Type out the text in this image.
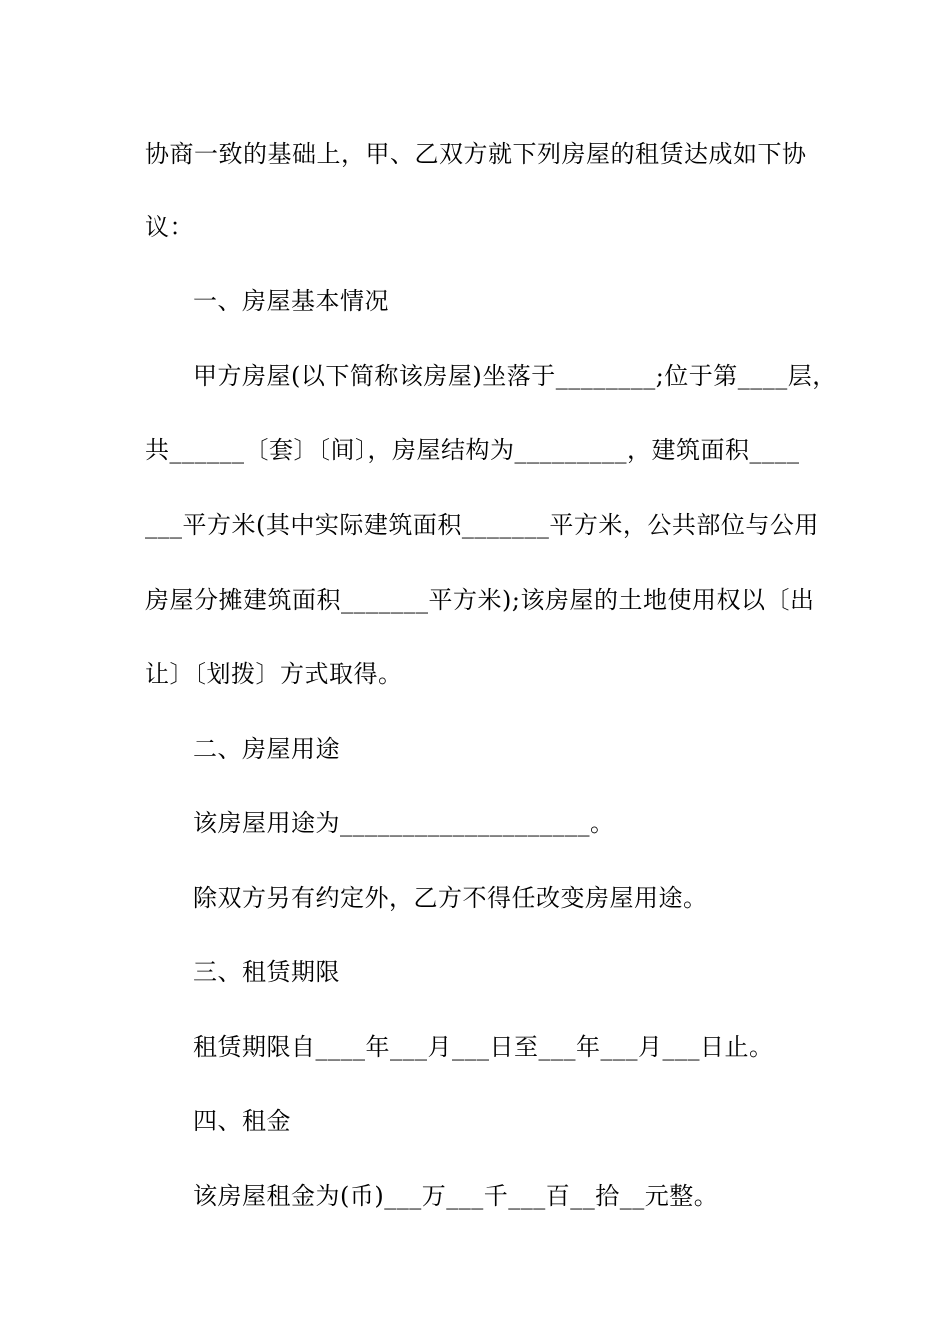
协商一致的基础上，甲、乙双方就下列房屋的租赁达成如下协
议：
一、房屋基本情况
甲方房屋(以下简称该房屋)坐落于________;位于第____层，
共______〔套〕〔间〕，房屋结构为_________，建筑面积____
___平方米(其中实际建筑面积_______平方米，公共部位与公用
房屋分摊建筑面积_______平方米);该房屋的土地使用权以〔出
让〕〔划拨〕方式取得。
二、房屋用途
该房屋用途为____________________。
除双方另有约定外，乙方不得任改变房屋用途。
三、租赁期限
租赁期限自____年___月___日至___年___月___日止。
四、租金
该房屋租金为(币)___万___千___百__拾__元整。
